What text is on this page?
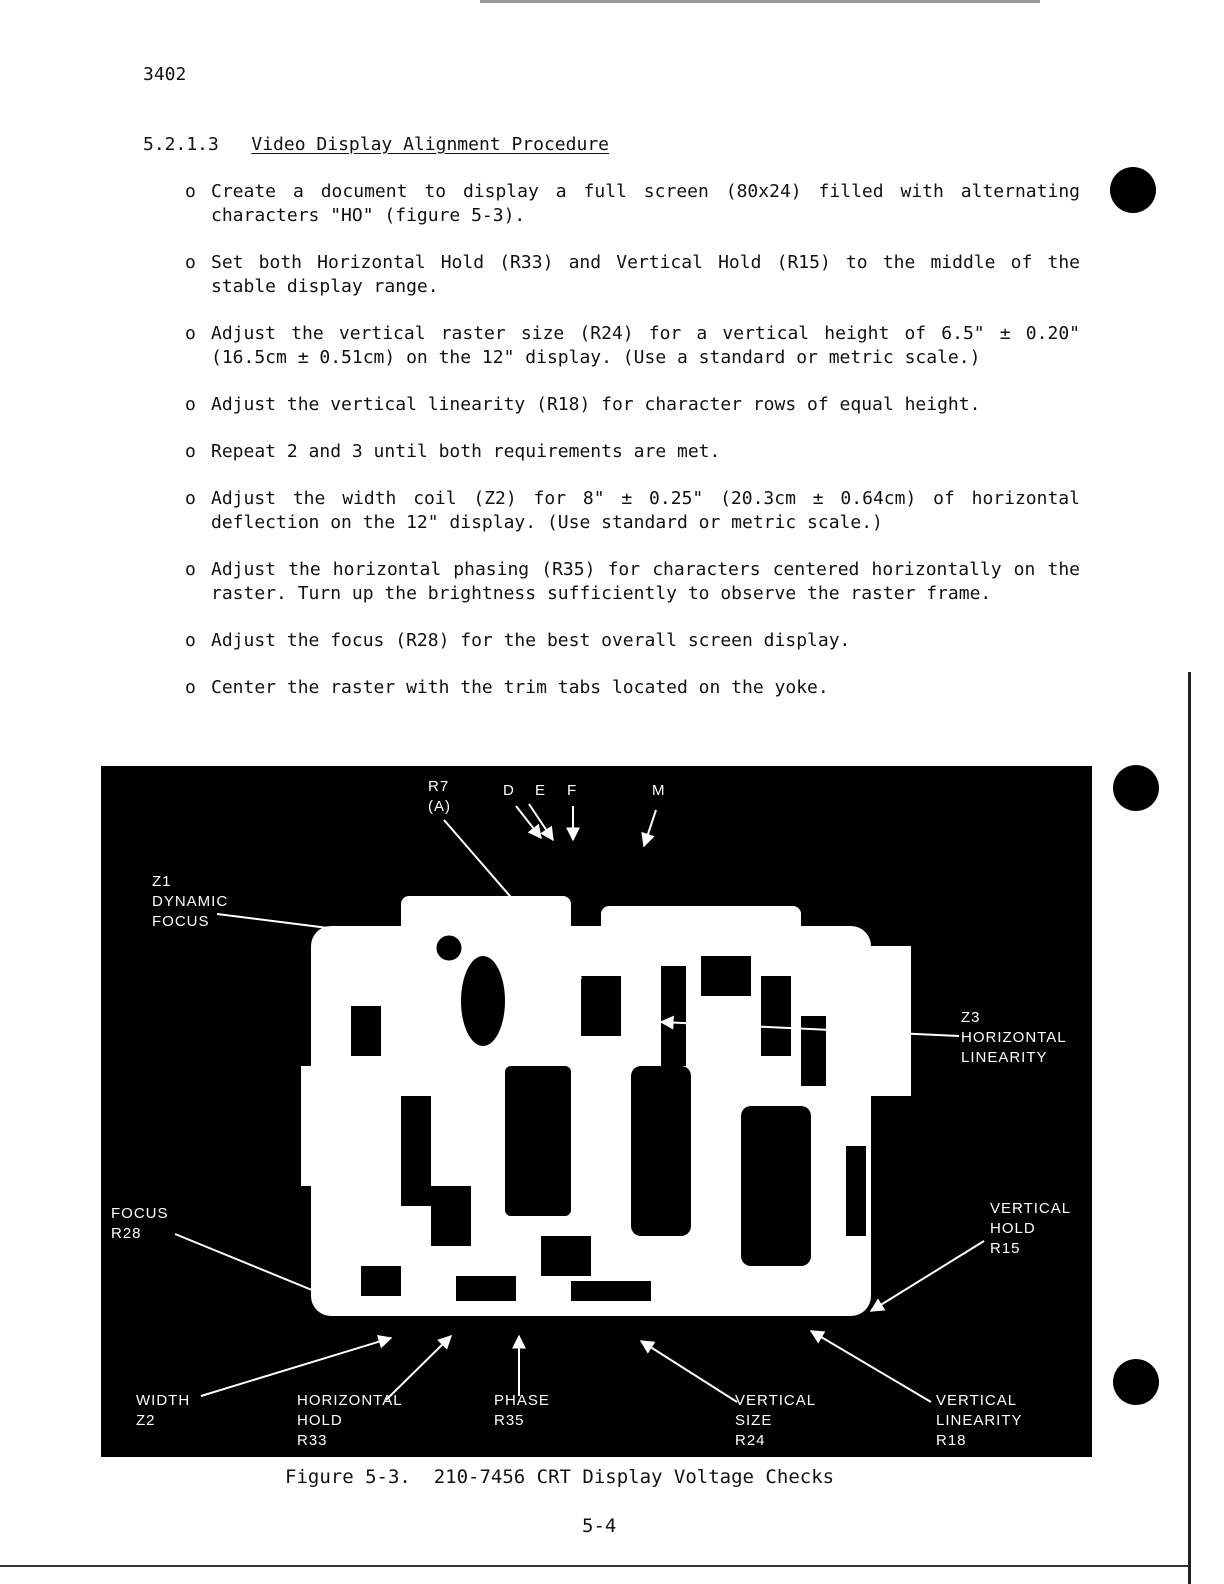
3402
5.2.1.3 Video Display Alignment Procedure
o Create a document to display a full screen (80x24) filled with alternating characters "HO" (figure 5-3).
o Set both Horizontal Hold (R33) and Vertical Hold (R15) to the middle of the stable display range.
o Adjust the vertical raster size (R24) for a vertical height of 6.5" ± 0.20" (16.5cm ± 0.51cm) on the 12" display. (Use a standard or metric scale.)
o Adjust the vertical linearity (R18) for character rows of equal height.
o Repeat 2 and 3 until both requirements are met.
o Adjust the width coil (Z2) for 8" ± 0.25" (20.3cm ± 0.64cm) of horizontal deflection on the 12" display. (Use standard or metric scale.)
o Adjust the horizontal phasing (R35) for characters centered horizontally on the raster. Turn up the brightness sufficiently to observe the raster frame.
o Adjust the focus (R28) for the best overall screen display.
o Center the raster with the trim tabs located on the yoke.
R7
(A)
D E F	M
Z1
DYNAMIC
FOCUS
Z3
HORIZONTAL
LINEARITY
FOCUS
R28
VERTICAL
HOLD
R15
WIDTH
Z2
HORIZONTAL
HOLD
R33
PHASE
R35
VERTICAL
SIZE
R24
VERTICAL
LINEARITY
R18
Figure 5-3.  210-7456 CRT Display Voltage Checks
5-4
